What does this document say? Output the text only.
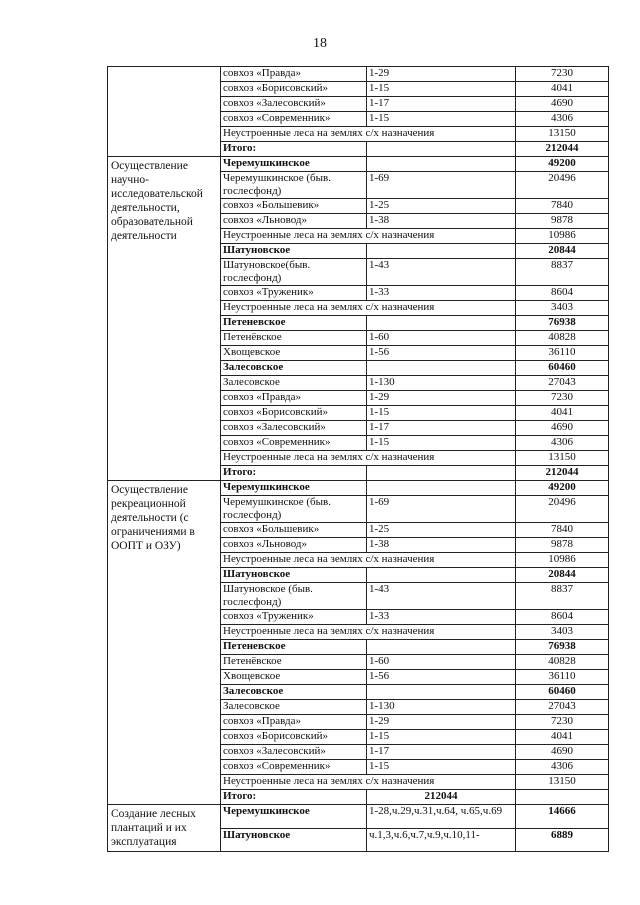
18
	совхоз «Правда»	1-29	7230
	совхоз «Борисовский»	1-15	4041
	совхоз «Залесовский»	1-17	4690
	совхоз «Современник»	1-15	4306
	Неустроенные леса на землях с/х назначения		13150
	Итого:		212044
Осуществление научно-исследовательской деятельности, образовательной деятельности	Черемушкинское		49200
	Черемушкинское (быв. гослесфонд)	1-69	20496
	совхоз «Большевик»	1-25	7840
	совхоз «Льновод»	1-38	9878
	Неустроенные леса на землях с/х назначения		10986
	Шатуновское		20844
	Шатуновское(быв. гослесфонд)	1-43	8837
	совхоз «Труженик»	1-33	8604
	Неустроенные леса на землях с/х назначения		3403
	Петеневское		76938
	Петенёвское	1-60	40828
	Хвощевское	1-56	36110
	Залесовское		60460
	Залесовское	1-130	27043
	совхоз «Правда»	1-29	7230
	совхоз «Борисовский»	1-15	4041
	совхоз «Залесовский»	1-17	4690
	совхоз «Современник»	1-15	4306
	Неустроенные леса на землях с/х назначения		13150
	Итого:		212044
Осуществление рекреационной деятельности (с ограничениями в ООПТ и ОЗУ)	Черемушкинское		49200
	Черемушкинское (быв. гослесфонд)	1-69	20496
	совхоз «Большевик»	1-25	7840
	совхоз «Льновод»	1-38	9878
	Неустроенные леса на землях с/х назначения		10986
	Шатуновское		20844
	Шатуновское (быв. гослесфонд)	1-43	8837
	совхоз «Труженик»	1-33	8604
	Неустроенные леса на землях с/х назначения		3403
	Петеневское		76938
	Петенёвское	1-60	40828
	Хвощевское	1-56	36110
	Залесовское		60460
	Залесовское	1-130	27043
	совхоз «Правда»	1-29	7230
	совхоз «Борисовский»	1-15	4041
	совхоз «Залесовский»	1-17	4690
	совхоз «Современник»	1-15	4306
	Неустроенные леса на землях с/х назначения		13150
	Итого:	212044	
Создание лесных плантаций и их эксплуатация	Черемушкинское	1-28,ч.29,ч.31,ч.64, ч.65,ч.69	14666
	Шатуновское	ч.1,3,ч.6,ч.7,ч.9,ч.10,11-	6889
